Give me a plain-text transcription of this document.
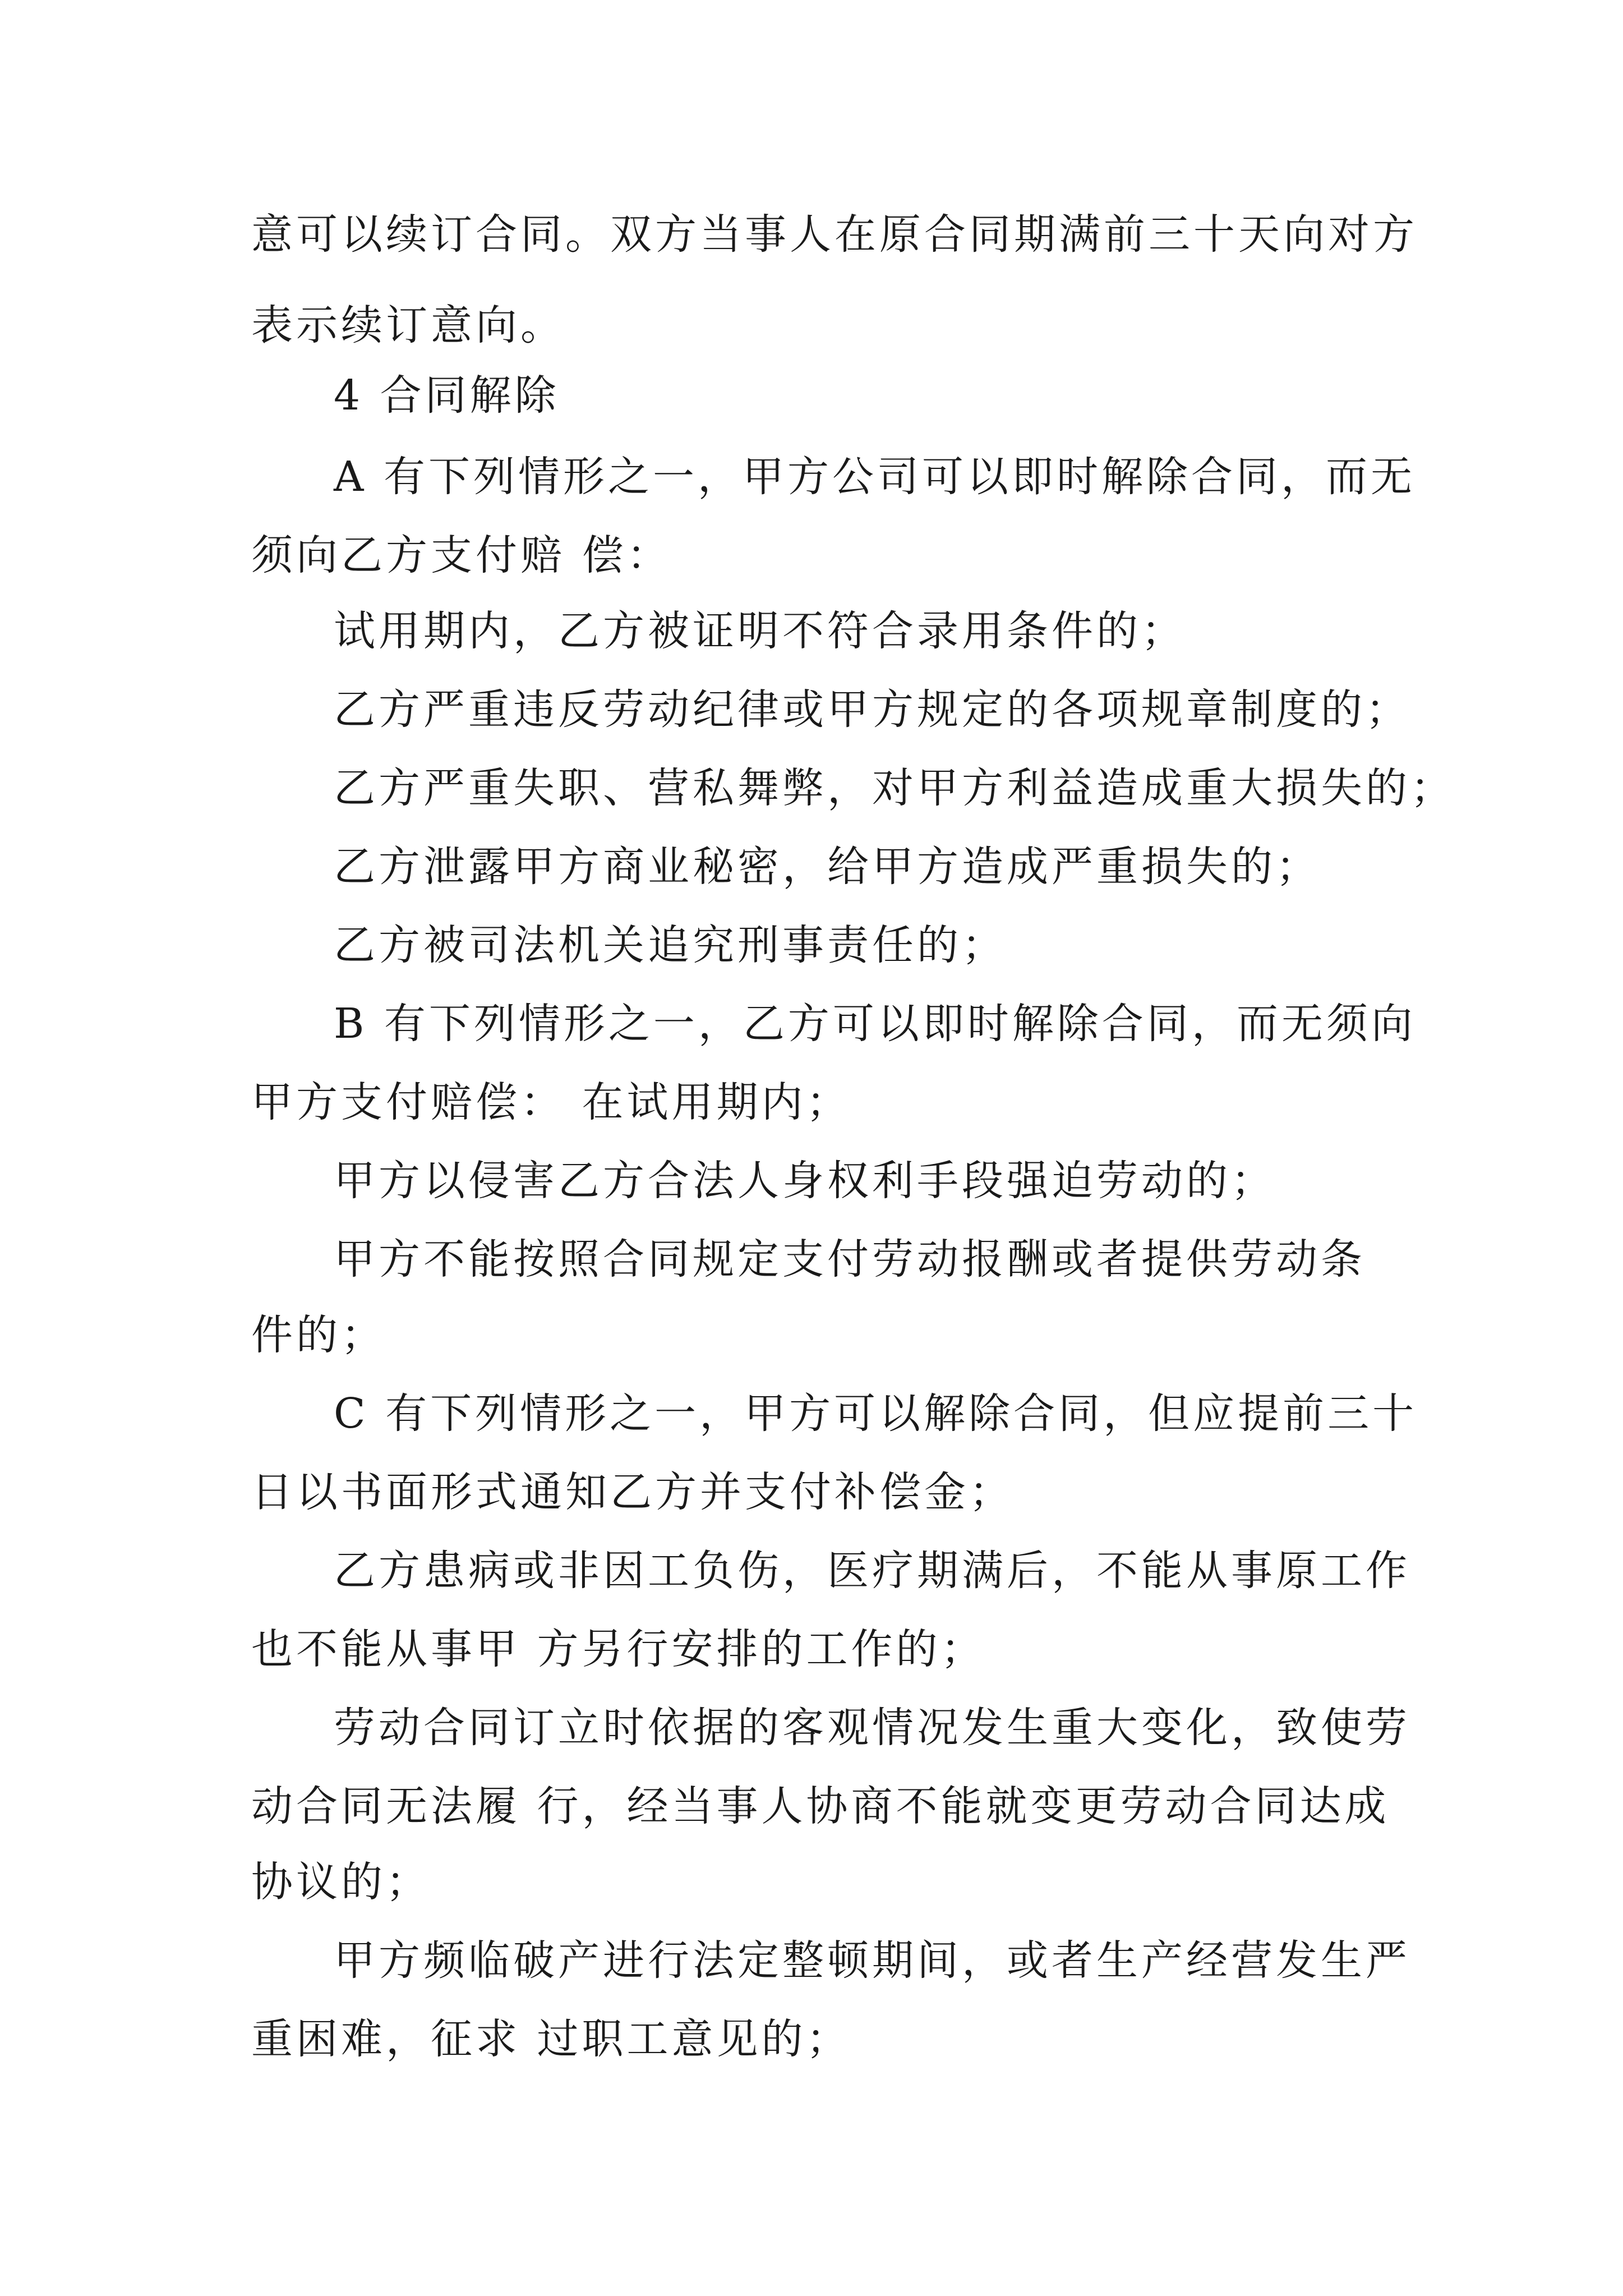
意可以续订合同。双方当事人在原合同期满前三十天向对方

表示续订意向。

4 合同解除

A 有下列情形之一，甲方公司可以即时解除合同，而无

须向乙方支付赔 偿：

试用期内，乙方被证明不符合录用条件的；

乙方严重违反劳动纪律或甲方规定的各项规章制度的；

乙方严重失职、营私舞弊，对甲方利益造成重大损失的；

乙方泄露甲方商业秘密，给甲方造成严重损失的；

乙方被司法机关追究刑事责任的；

B 有下列情形之一，乙方可以即时解除合同，而无须向

甲方支付赔偿： 在试用期内；

甲方以侵害乙方合法人身权利手段强迫劳动的；

甲方不能按照合同规定支付劳动报酬或者提供劳动条

件的；

C 有下列情形之一，甲方可以解除合同，但应提前三十

日以书面形式通知乙方并支付补偿金；

乙方患病或非因工负伤，医疗期满后，不能从事原工作

也不能从事甲 方另行安排的工作的；

劳动合同订立时依据的客观情况发生重大变化，致使劳

动合同无法履 行，经当事人协商不能就变更劳动合同达成

协议的；

甲方频临破产进行法定整顿期间，或者生产经营发生严

重困难，征求 过职工意见的；
